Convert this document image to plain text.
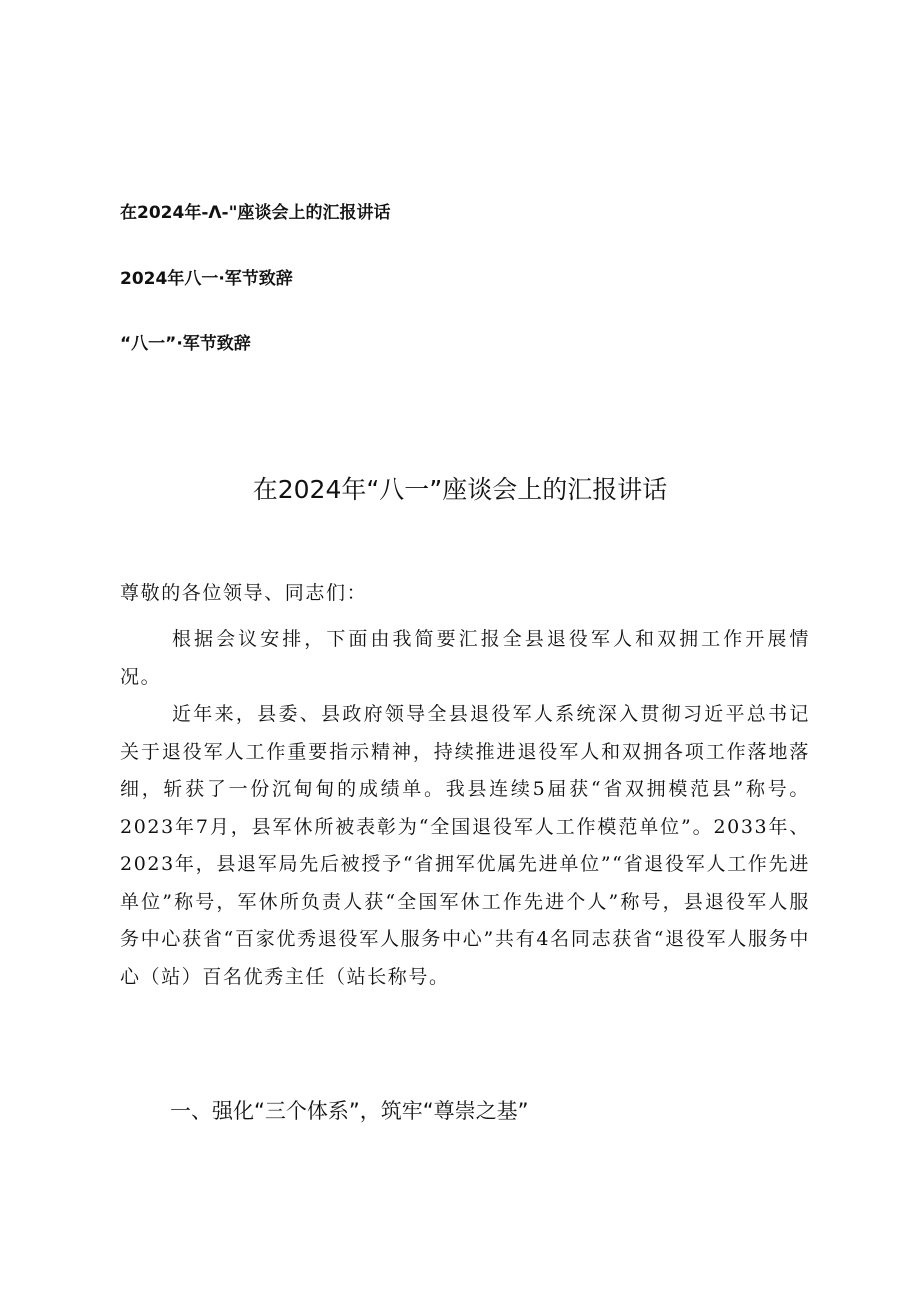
在2024年-Λ-"座谈会上的汇报讲话
2024年八一·军节致辞
“八一”·军节致辞
在2024年“八一”座谈会上的汇报讲话
尊敬的各位领导、同志们：
根据会议安排，下面由我简要汇报全县退役军人和双拥工作开展情况。
近年来，县委、县政府领导全县退役军人系统深入贯彻习近平总书记关于退役军人工作重要指示精神，持续推进退役军人和双拥各项工作落地落细，斩获了一份沉甸甸的成绩单。我县连续5届获“省双拥模范县”称号。2023年7月，县军休所被表彰为“全国退役军人工作模范单位”。2033年、2023年，县退军局先后被授予“省拥军优属先进单位”“省退役军人工作先进单位”称号，军休所负责人获“全国军休工作先进个人”称号，县退役军人服务中心获省“百家优秀退役军人服务中心”共有4名同志获省“退役军人服务中心（站）百名优秀主任（站长称号。
一、强化“三个体系”，筑牢“尊崇之基”
